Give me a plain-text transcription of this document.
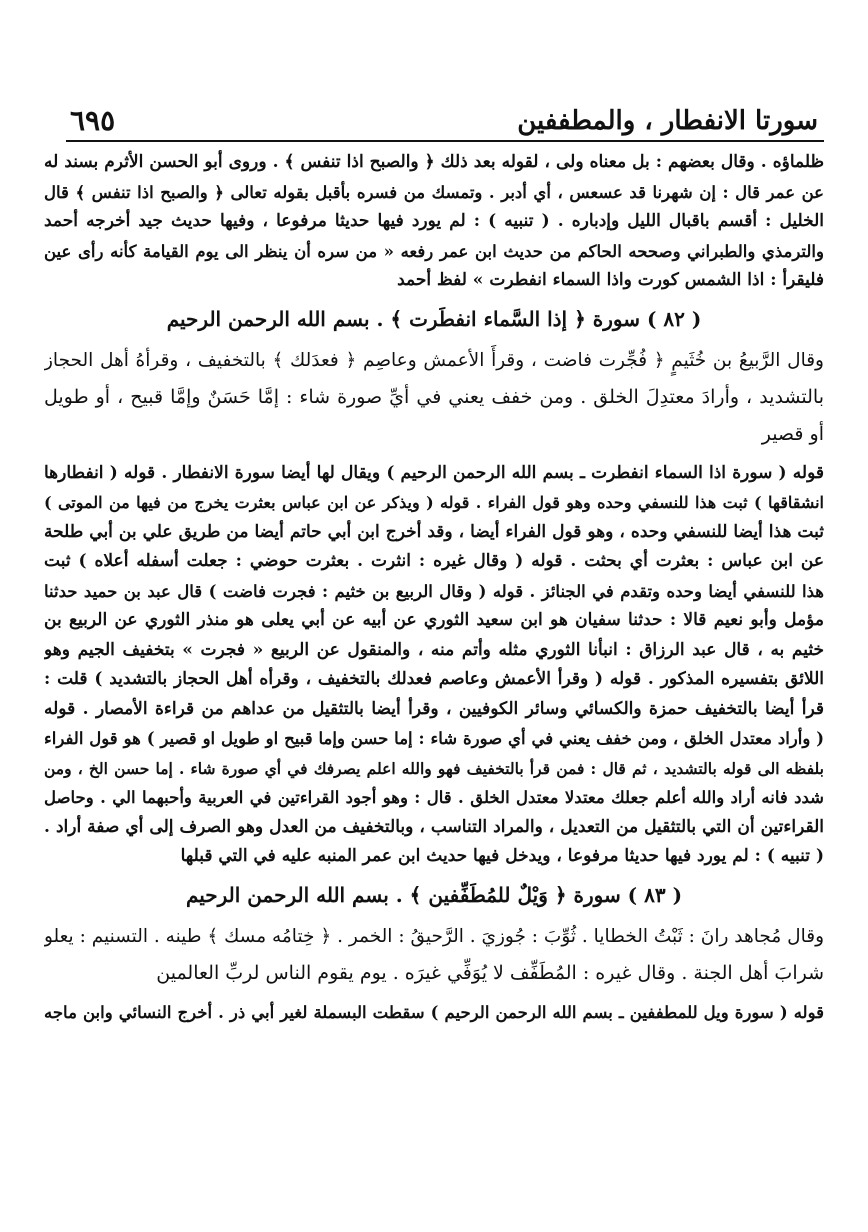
سورتا الانفطار ، والمطففين
٦٩٥
ظلماؤه . وقال بعضهم : بل معناه ولى ، لقوله بعد ذلك ﴿ والصبح اذا تنفس ﴾ . وروى أبو الحسن الأثرم بسند له
عن عمر قال : إن شهرنا قد عسعس ، أي أدبر . وتمسك من فسره بأقبل بقوله تعالى ﴿ والصبح اذا تنفس ﴾ قال
الخليل : أقسم باقبال الليل وإدباره . ( تنبيه ) : لم يورد فيها حديثا مرفوعا ، وفيها حديث جيد أخرجه أحمد
والترمذي والطبراني وصححه الحاكم من حديث ابن عمر رفعه « من سره أن ينظر الى يوم القيامة كأنه رأى عين
فليقرأ : اذا الشمس كورت واذا السماء انفطرت » لفظ أحمد
( ٨٢ ) سورة ﴿ إذا السَّماء انفطَرت ﴾ . بسم الله الرحمن الرحيم
وقال الرَّبيعُ بن خُثَيمٍ ﴿ فُجِّرت فاضت ، وقرأَ الأعمش وعاصِم ﴿ فعدَلك ﴾ بالتخفيف ، وقرأهُ أهل الحجاز
بالتشديد ، وأرادَ معتدِلَ الخلق . ومن خفف يعني في أيِّ صورة شاء : إمَّا حَسَنٌ وإمَّا قبيح ، أو طويل
أو قصير
قوله ( سورة اذا السماء انفطرت ـ بسم الله الرحمن الرحيم ) ويقال لها أيضا سورة الانفطار . قوله ( انفطارها
انشقاقها ) ثبت هذا للنسفي وحده وهو قول الفراء . قوله ( ويذكر عن ابن عباس بعثرت يخرج من فيها من الموتى )
ثبت هذا أيضا للنسفي وحده ، وهو قول الفراء أيضا ، وقد أخرج ابن أبي حاتم أيضا من طريق علي بن أبي طلحة
عن ابن عباس : بعثرت أي بحثت . قوله ( وقال غيره : انثرت . بعثرت حوضي : جعلت أسفله أعلاه ) ثبت
هذا للنسفي أيضا وحده وتقدم في الجنائز . قوله ( وقال الربيع بن خثيم : فجرت فاضت ) قال عبد بن حميد حدثنا
مؤمل وأبو نعيم قالا : حدثنا سفيان هو ابن سعيد الثوري عن أبيه عن أبي يعلى هو منذر الثوري عن الربيع بن
خثيم به ، قال عبد الرزاق : انبأنا الثوري مثله وأتم منه ، والمنقول عن الربيع « فجرت » بتخفيف الجيم وهو
اللائق بتفسيره المذكور . قوله ( وقرأ الأعمش وعاصم فعدلك بالتخفيف ، وقرأه أهل الحجاز بالتشديد ) قلت :
قرأ أيضا بالتخفيف حمزة والكسائي وسائر الكوفيين ، وقرأ أيضا بالتثقيل من عداهم من قراءة الأمصار . قوله
( وأراد معتدل الخلق ، ومن خفف يعني في أي صورة شاء : إما حسن وإما قبيح او طويل او قصير ) هو قول الفراء
بلفظه الى قوله بالتشديد ، ثم قال : فمن قرأ بالتخفيف فهو والله اعلم يصرفك في أي صورة شاء . إما حسن الخ ، ومن
شدد فانه أراد والله أعلم جعلك معتدلا معتدل الخلق . قال : وهو أجود القراءتين في العربية وأحبهما الي . وحاصل
القراءتين أن التي بالتثقيل من التعديل ، والمراد التناسب ، وبالتخفيف من العدل وهو الصرف إلى أي صفة أراد .
( تنبيه ) : لم يورد فيها حديثا مرفوعا ، ويدخل فيها حديث ابن عمر المنبه عليه في التي قبلها
( ٨٣ ) سورة ﴿ وَيْلٌ للمُطَفِّفين ﴾ . بسم الله الرحمن الرحيم
وقال مُجاهد رانَ : ثَبْتُ الخطايا . ثُوِّبَ : جُوزيَ . الرَّحيقُ : الخمر . ﴿ خِتامُه مسك ﴾ طينه . التسنيم : يعلو
شرابَ أهل الجنة . وقال غيره : المُطَفِّف لا يُوَفِّي غيرَه . يوم يقوم الناس لربِّ العالمين
قوله ( سورة ويل للمطففين ـ بسم الله الرحمن الرحيم ) سقطت البسملة لغير أبي ذر . أخرج النسائي وابن ماجه
